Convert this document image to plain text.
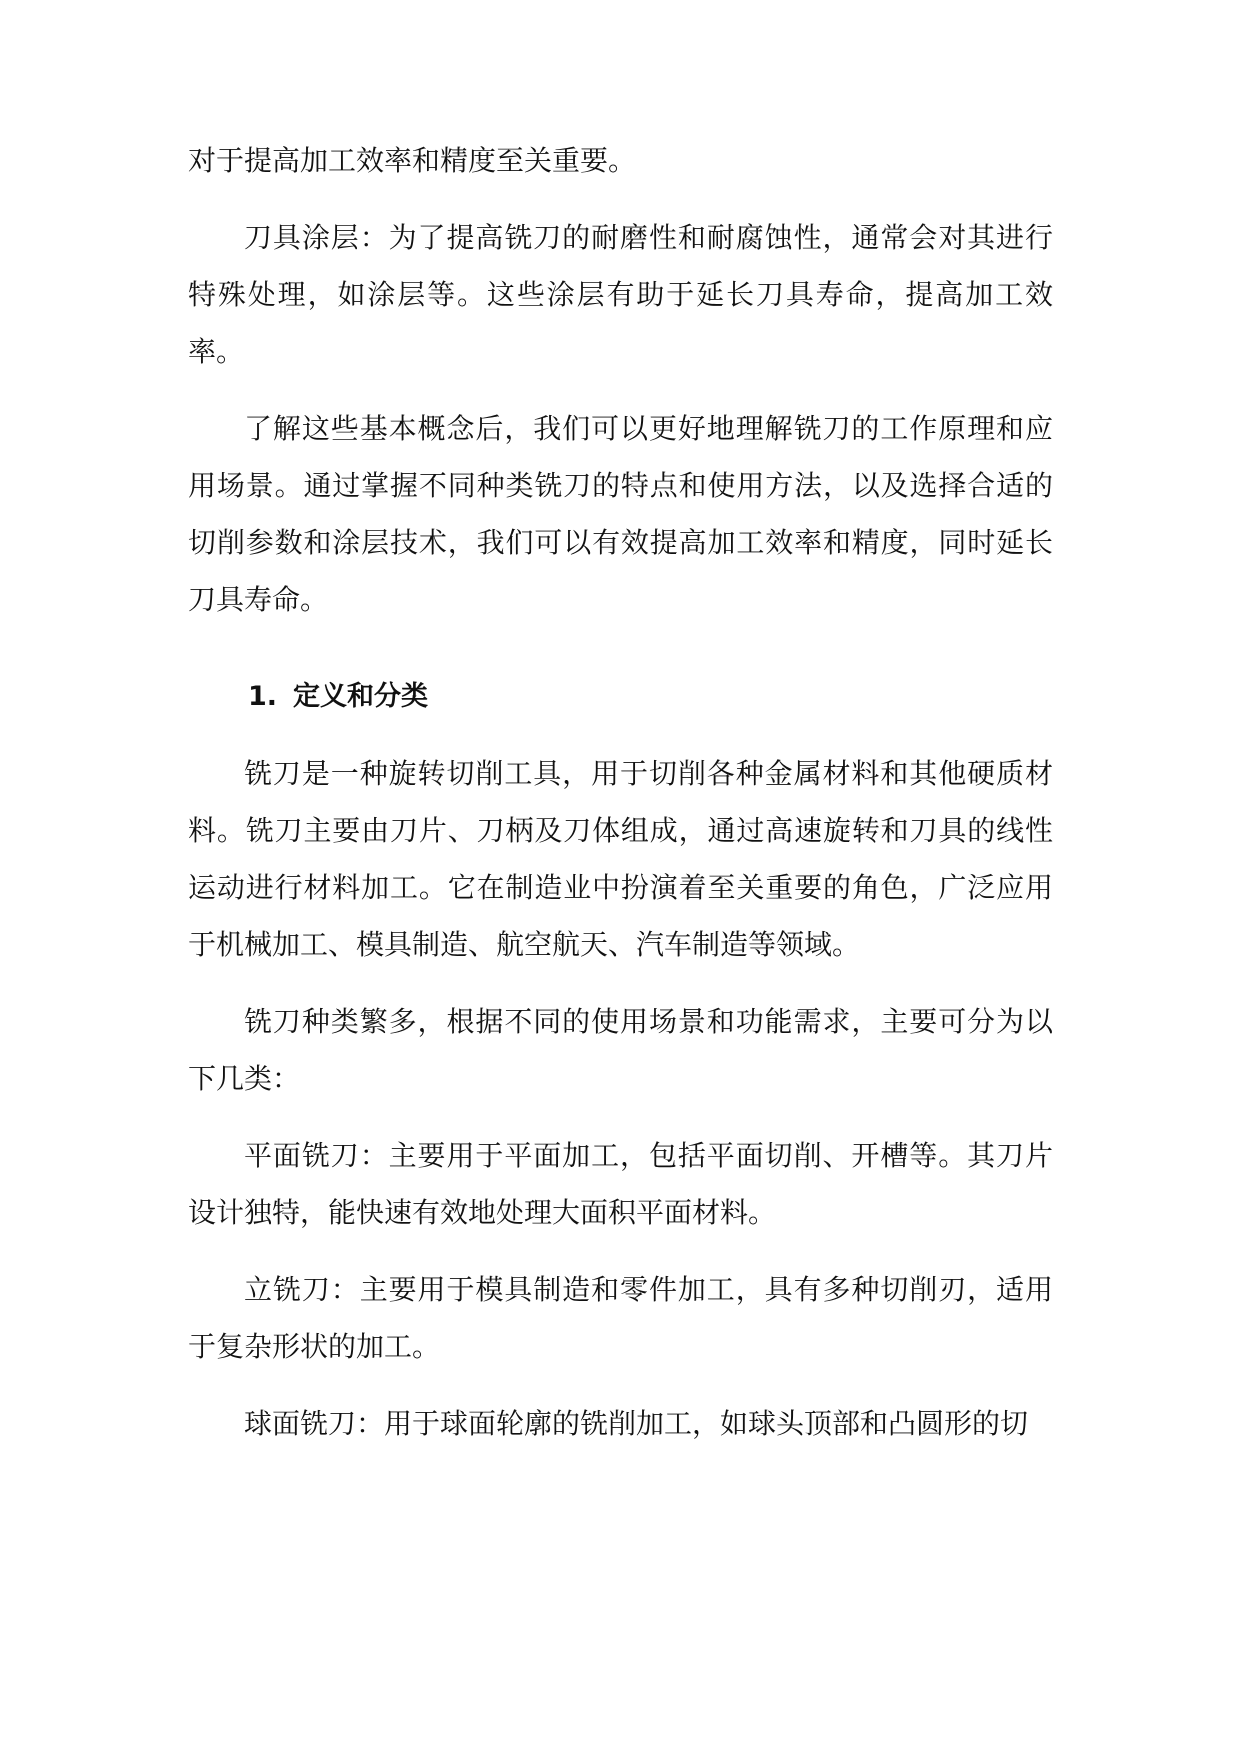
对于提高加工效率和精度至关重要。

刀具涂层：为了提高铣刀的耐磨性和耐腐蚀性，通常会对其进行特殊处理，如涂层等。这些涂层有助于延长刀具寿命，提高加工效率。

了解这些基本概念后，我们可以更好地理解铣刀的工作原理和应用场景。通过掌握不同种类铣刀的特点和使用方法，以及选择合适的切削参数和涂层技术，我们可以有效提高加工效率和精度，同时延长刀具寿命。

1. 定义和分类

铣刀是一种旋转切削工具，用于切削各种金属材料和其他硬质材料。铣刀主要由刀片、刀柄及刀体组成，通过高速旋转和刀具的线性运动进行材料加工。它在制造业中扮演着至关重要的角色，广泛应用于机械加工、模具制造、航空航天、汽车制造等领域。

铣刀种类繁多，根据不同的使用场景和功能需求，主要可分为以下几类：

平面铣刀：主要用于平面加工，包括平面切削、开槽等。其刀片设计独特，能快速有效地处理大面积平面材料。

立铣刀：主要用于模具制造和零件加工，具有多种切削刃，适用于复杂形状的加工。

球面铣刀：用于球面轮廓的铣削加工，如球头顶部和凸圆形的切
